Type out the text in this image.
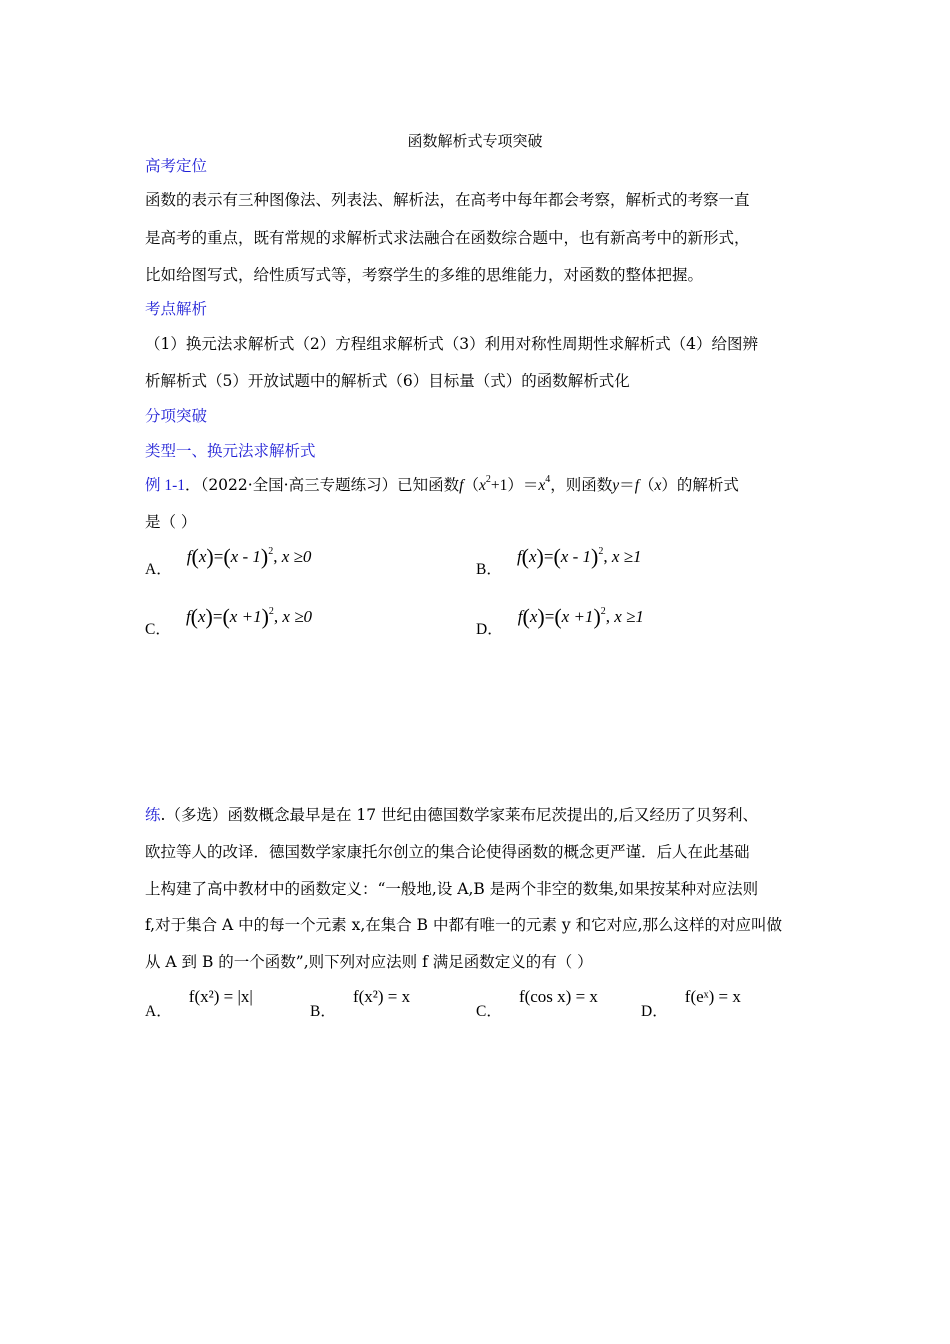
函数解析式专项突破
高考定位
函数的表示有三种图像法、列表法、解析法，在高考中每年都会考察，解析式的考察一直
是高考的重点，既有常规的求解析式求法融合在函数综合题中，也有新高考中的新形式，
比如给图写式，给性质写式等，考察学生的多维的思维能力，对函数的整体把握。
考点解析
（1）换元法求解析式（2）方程组求解析式（3）利用对称性周期性求解析式（4）给图辨
析解析式（5）开放试题中的解析式（6）目标量（式）的函数解析式化
分项突破
类型一、换元法求解析式
例 1-1．（2022·全国·高三专题练习）已知函数$f(x^2+1)=x^4$，则函数y＝f（x）的解析式
是（ ）
A． f(x)=(x - 1)$^2$, x ≥0
B． f(x)=(x - 1)$^2$, x ≥1
C． $f(x)=(x +1)^2$, x ≥0
D． $f(x)=(x +1)^2$, x ≥1
练.（多选）函数概念最早是在 17 世纪由德国数学家莱布尼茨提出的,后又经历了贝努利、
欧拉等人的改译．德国数学家康托尔创立的集合论使得函数的概念更严谨．后人在此基础
上构建了高中教材中的函数定义：“一般地,设 A,B 是两个非空的数集,如果按某种对应法则
f,对于集合 A 中的每一个元素 x,在集合 B 中都有唯一的元素 y 和它对应,那么这样的对应叫做
从 A 到 B 的一个函数”,则下列对应法则 f 满足函数定义的有（ ）
A． f(x²) = |x|
B． f(x²) = x
C． f(cos x) = x
D． f(eˣ) = x
